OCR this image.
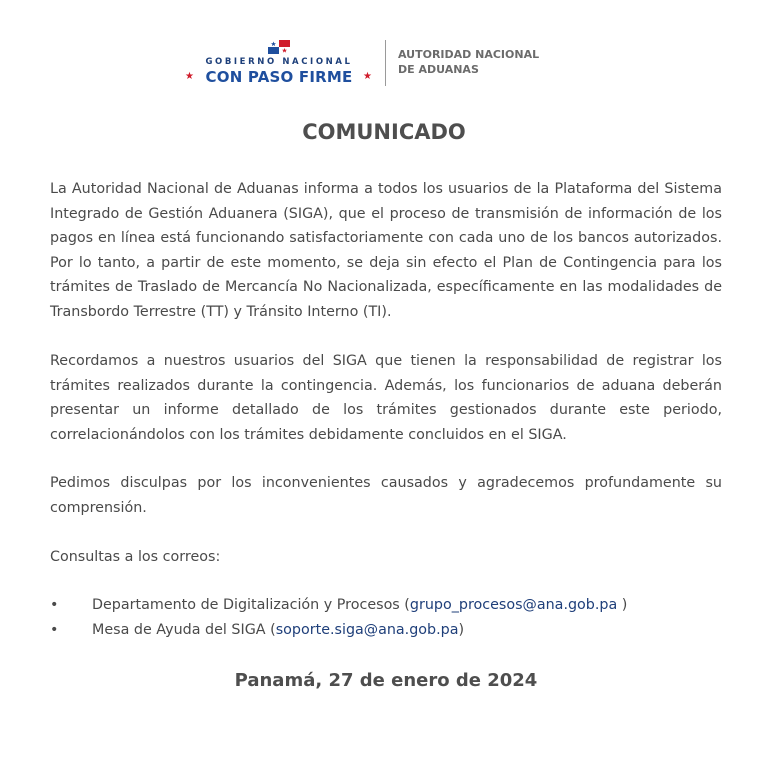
GOBIERNO NACIONAL
★ CON PASO FIRME	★
AUTORIDAD NACIONAL
DE ADUANAS
COMUNICADO

La Autoridad Nacional de Aduanas informa a todos los usuarios de la Plataforma del Sistema Integrado de Gestión Aduanera (SIGA), que el proceso de transmisión de información de los pagos en línea está funcionando satisfactoriamente con cada uno de los bancos autorizados. Por lo tanto, a partir de este momento, se deja sin efecto el Plan de Contingencia para los trámites de Traslado de Mercancía No Nacionalizada, específicamente en las modalidades de Transbordo Terrestre (TT) y Tránsito Interno (TI).

Recordamos a nuestros usuarios del SIGA que tienen la responsabilidad de registrar los trámites realizados durante la contingencia. Además, los funcionarios de aduana deberán presentar un informe detallado de los trámites gestionados durante este periodo, correlacionándolos con los trámites debidamente concluidos en el SIGA.

Pedimos disculpas por los inconvenientes causados y agradecemos profundamente su comprensión.

Consultas a los correos:

• Departamento de Digitalización y Procesos (grupo_procesos@ana.gob.pa )
• Mesa de Ayuda del SIGA (soporte.siga@ana.gob.pa)
Panamá, 27 de enero de 2024
